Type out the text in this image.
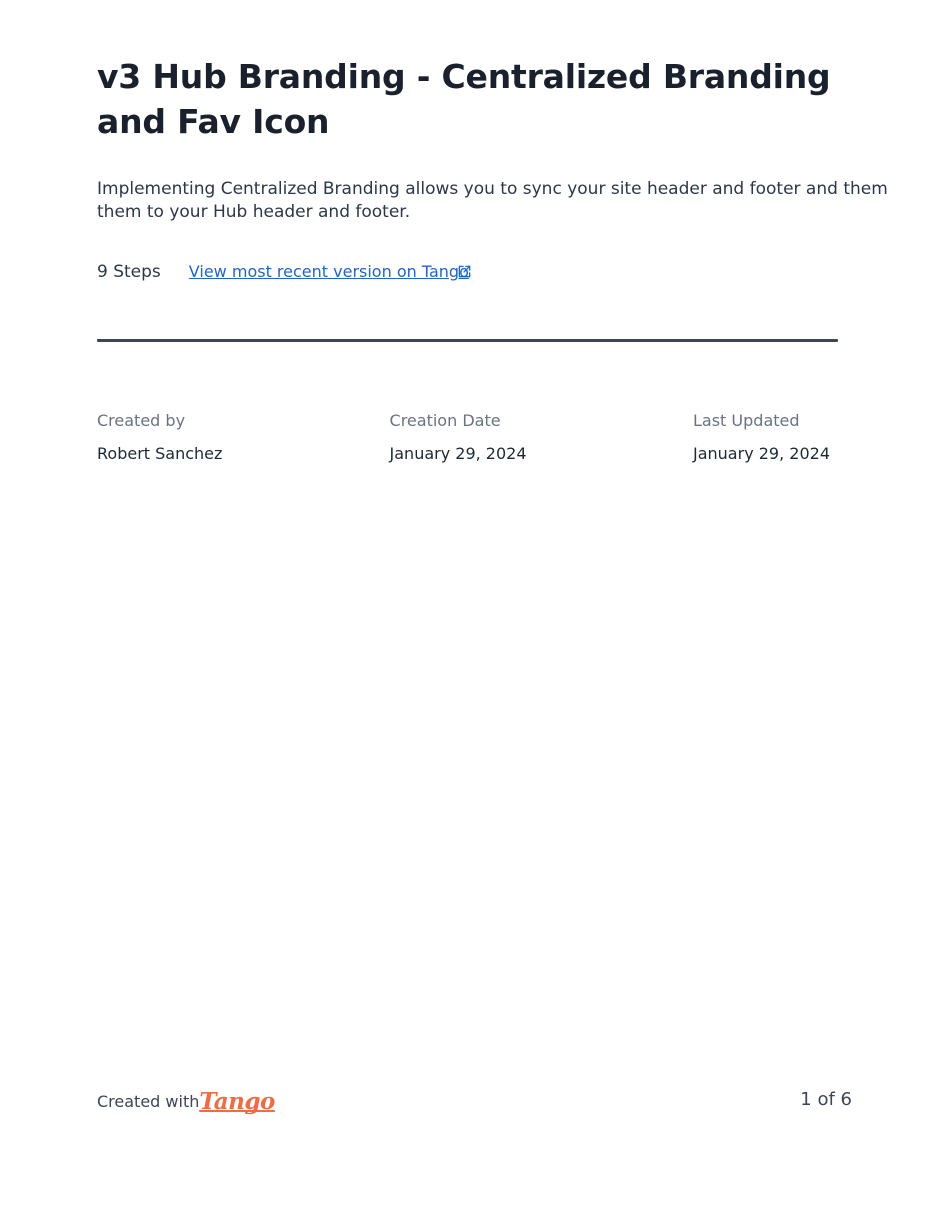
v3 Hub Branding - Centralized Branding and Fav Icon

Implementing Centralized Branding allows you to sync your site header and footer and them them to your Hub header and footer.

9 Steps View most recent version on Tango
Created by
Robert Sanchez
Creation Date
January 29, 2024
Last Updated
January 29, 2024
Created with Tango	1 of 6
